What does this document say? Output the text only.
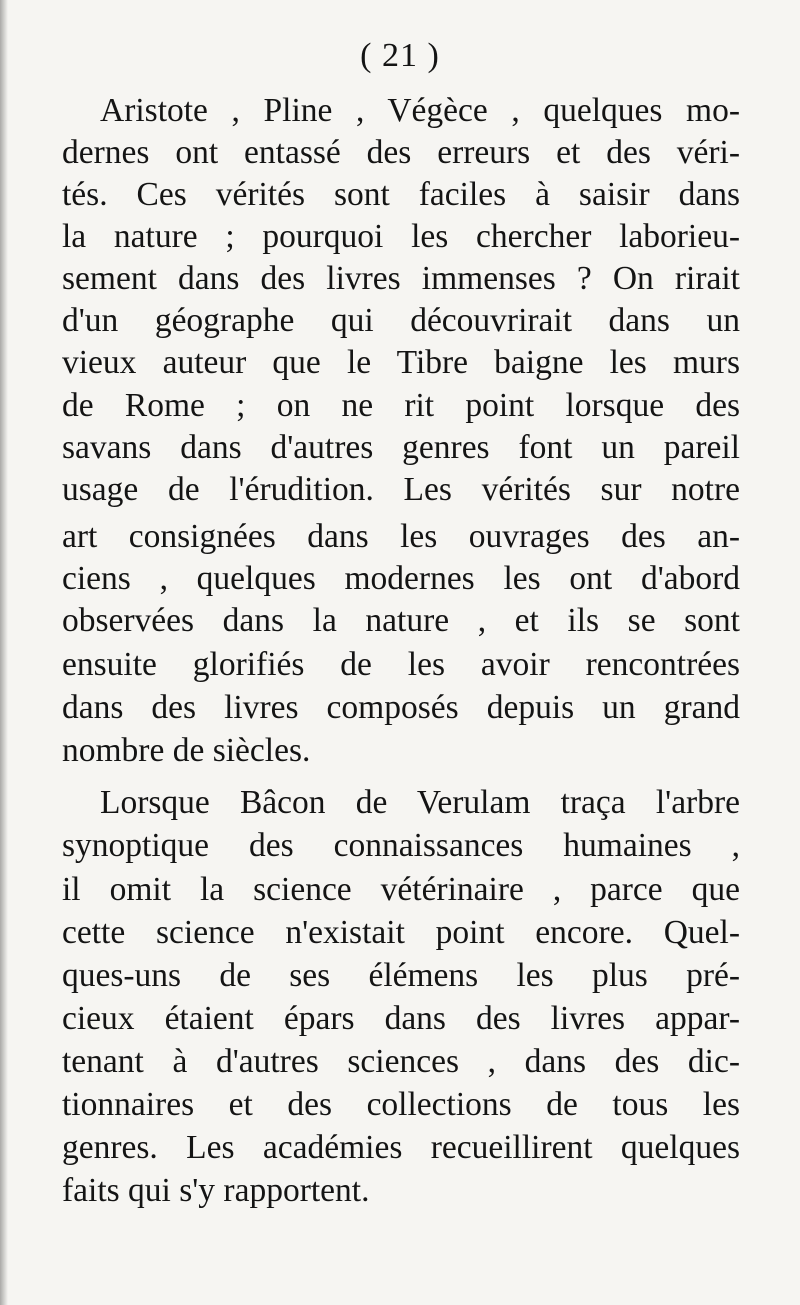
( 21 )
Aristote , Pline , Végèce , quelques mo-
dernes ont entassé des erreurs et des véri-
tés. Ces vérités sont faciles à saisir dans
la nature ; pourquoi les chercher laborieu-
sement dans des livres immenses ? On rirait
d'un géographe qui découvrirait dans un
vieux auteur que le Tibre baigne les murs
de Rome ; on ne rit point lorsque des
savans dans d'autres genres font un pareil
usage de l'érudition. Les vérités sur notre
art consignées dans les ouvrages des an-
ciens , quelques modernes les ont d'abord
observées dans la nature , et ils se sont
ensuite glorifiés de les avoir rencontrées
dans des livres composés depuis un grand
nombre de siècles.
Lorsque Bâcon de Verulam traça l'arbre
synoptique des connaissances humaines ,
il omit la science vétérinaire , parce que
cette science n'existait point encore. Quel-
ques-uns de ses élémens les plus pré-
cieux étaient épars dans des livres appar-
tenant à d'autres sciences , dans des dic-
tionnaires et des collections de tous les
genres. Les académies recueillirent quelques
faits qui s'y rapportent.
